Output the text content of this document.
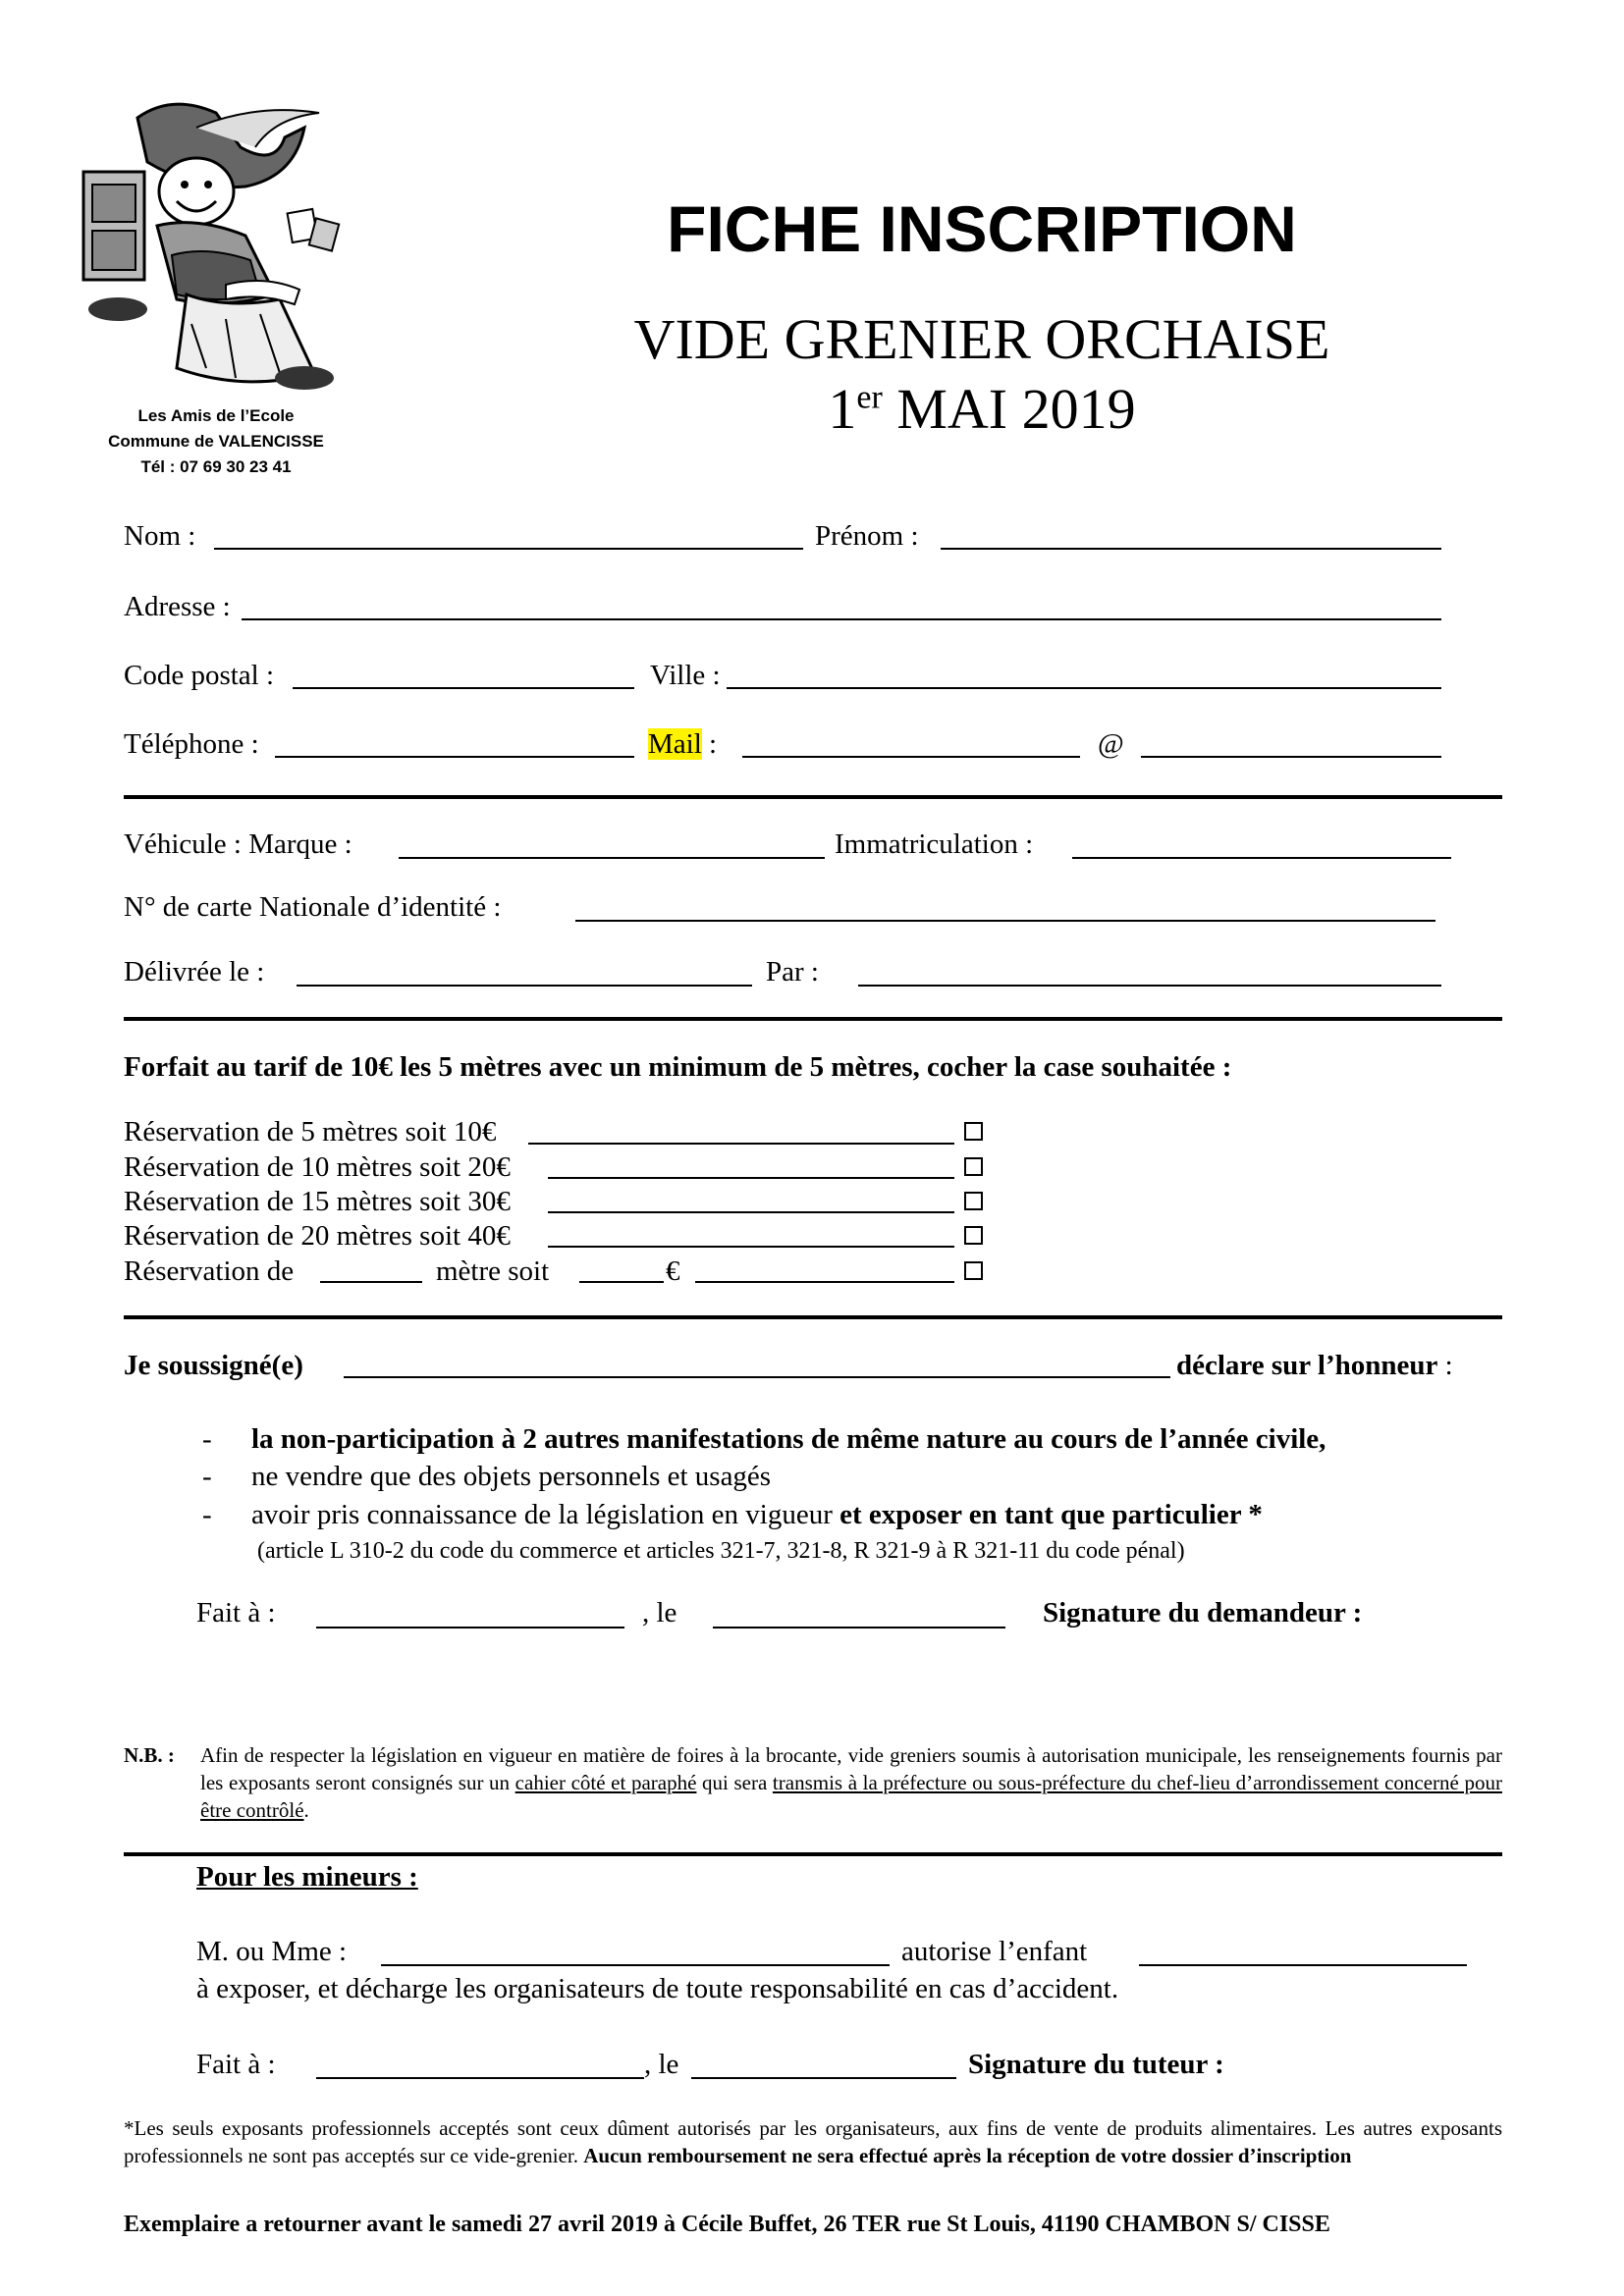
Les Amis de l’Ecole
Commune de VALENCISSE
Tél : 07 69 30 23 41
FICHE INSCRIPTION
VIDE GRENIER ORCHAISE
1er MAI 2019
Nom :	Prénom :
Adresse :
Code postal :	Ville :
Téléphone :	Mail :	@
Véhicule : Marque :	Immatriculation :
N° de carte Nationale d’identité :
Délivrée le :	Par :
Forfait au tarif de 10€ les 5 mètres avec un minimum de 5 mètres, cocher la case souhaitée :
Réservation de 5 mètres soit 10€
Réservation de 10 mètres soit 20€
Réservation de 15 mètres soit 30€
Réservation de 20 mètres soit 40€
Réservation de	mètre soit	€
Je soussigné(e)	déclare sur l’honneur :
- la non-participation à 2 autres manifestations de même nature au cours de l’année civile,
- ne vendre que des objets personnels et usagés
- avoir pris connaissance de la législation en vigueur et exposer en tant que particulier *
(article L 310-2 du code du commerce et articles 321-7, 321-8, R 321-9 à R 321-11 du code pénal)
Fait à :	, le	Signature du demandeur :
N.B. : Afin de respecter la législation en vigueur en matière de foires à la brocante, vide greniers soumis à autorisation municipale, les renseignements fournis par les exposants seront consignés sur un cahier côté et paraphé qui sera transmis à la préfecture ou sous-préfecture du chef-lieu d’arrondissement concerné pour être contrôlé.
Pour les mineurs :
M. ou Mme :	autorise l’enfant
à exposer, et décharge les organisateurs de toute responsabilité en cas d’accident.
Fait à :	, le	Signature du tuteur :
*Les seuls exposants professionnels acceptés sont ceux dûment autorisés par les organisateurs, aux fins de vente de produits alimentaires. Les autres exposants professionnels ne sont pas acceptés sur ce vide-grenier. Aucun remboursement ne sera effectué après la réception de votre dossier d’inscription
Exemplaire a retourner avant le samedi 27 avril 2019 à Cécile Buffet, 26 TER rue St Louis, 41190 CHAMBON S/ CISSE
